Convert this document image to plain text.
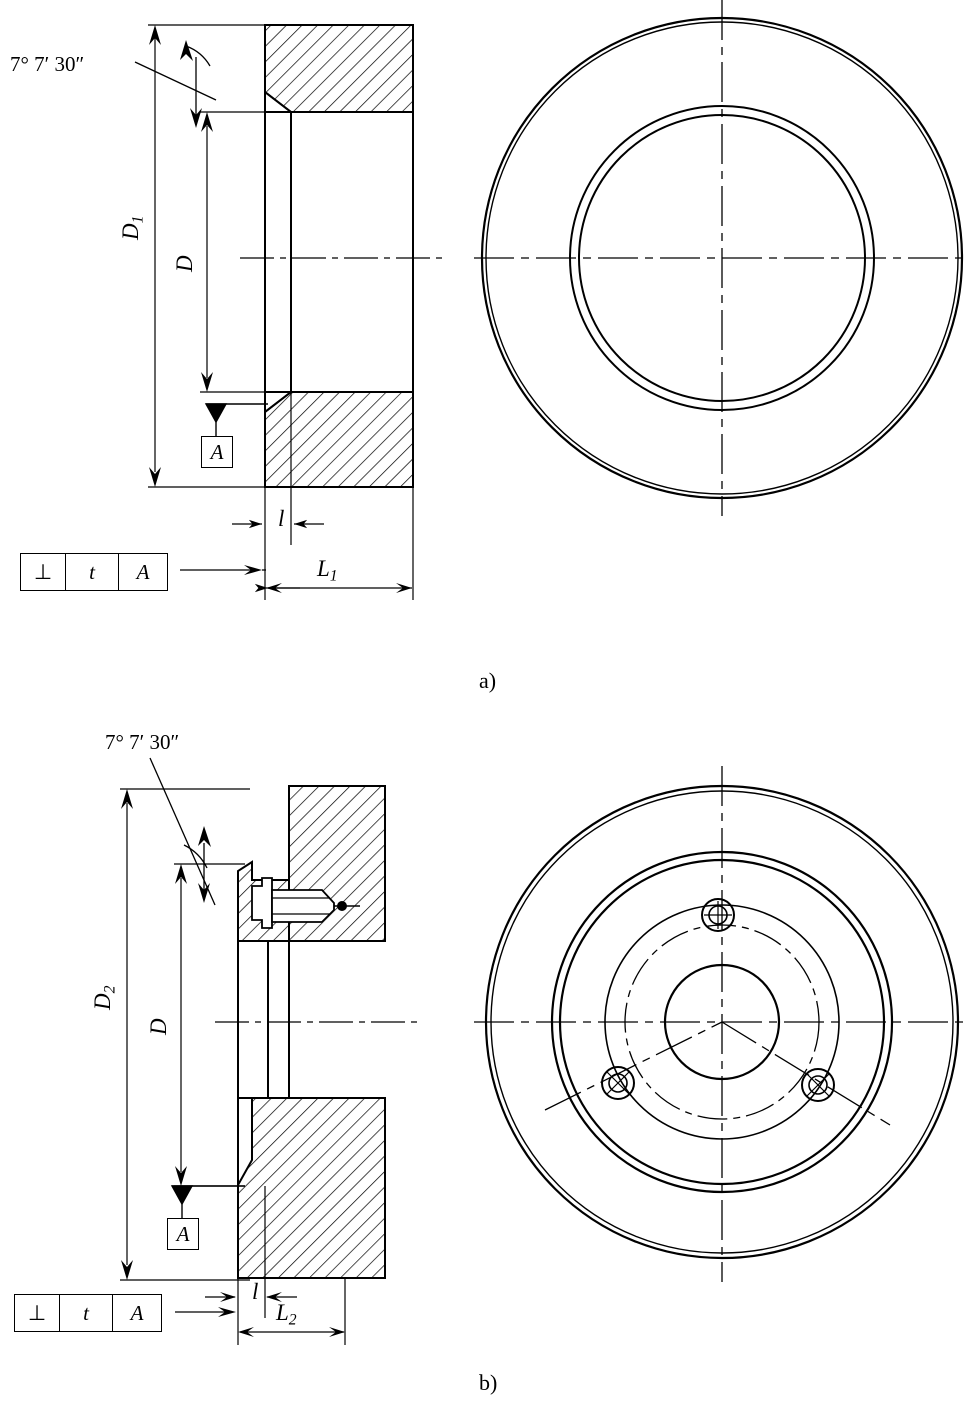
7° 7′ 30″
$D_1$
D
l
$L_1$
A
⊥	t	A
a)
7° 7′ 30″
$D_2$
D
l
$L_2$
A
⊥	t	A
b)
